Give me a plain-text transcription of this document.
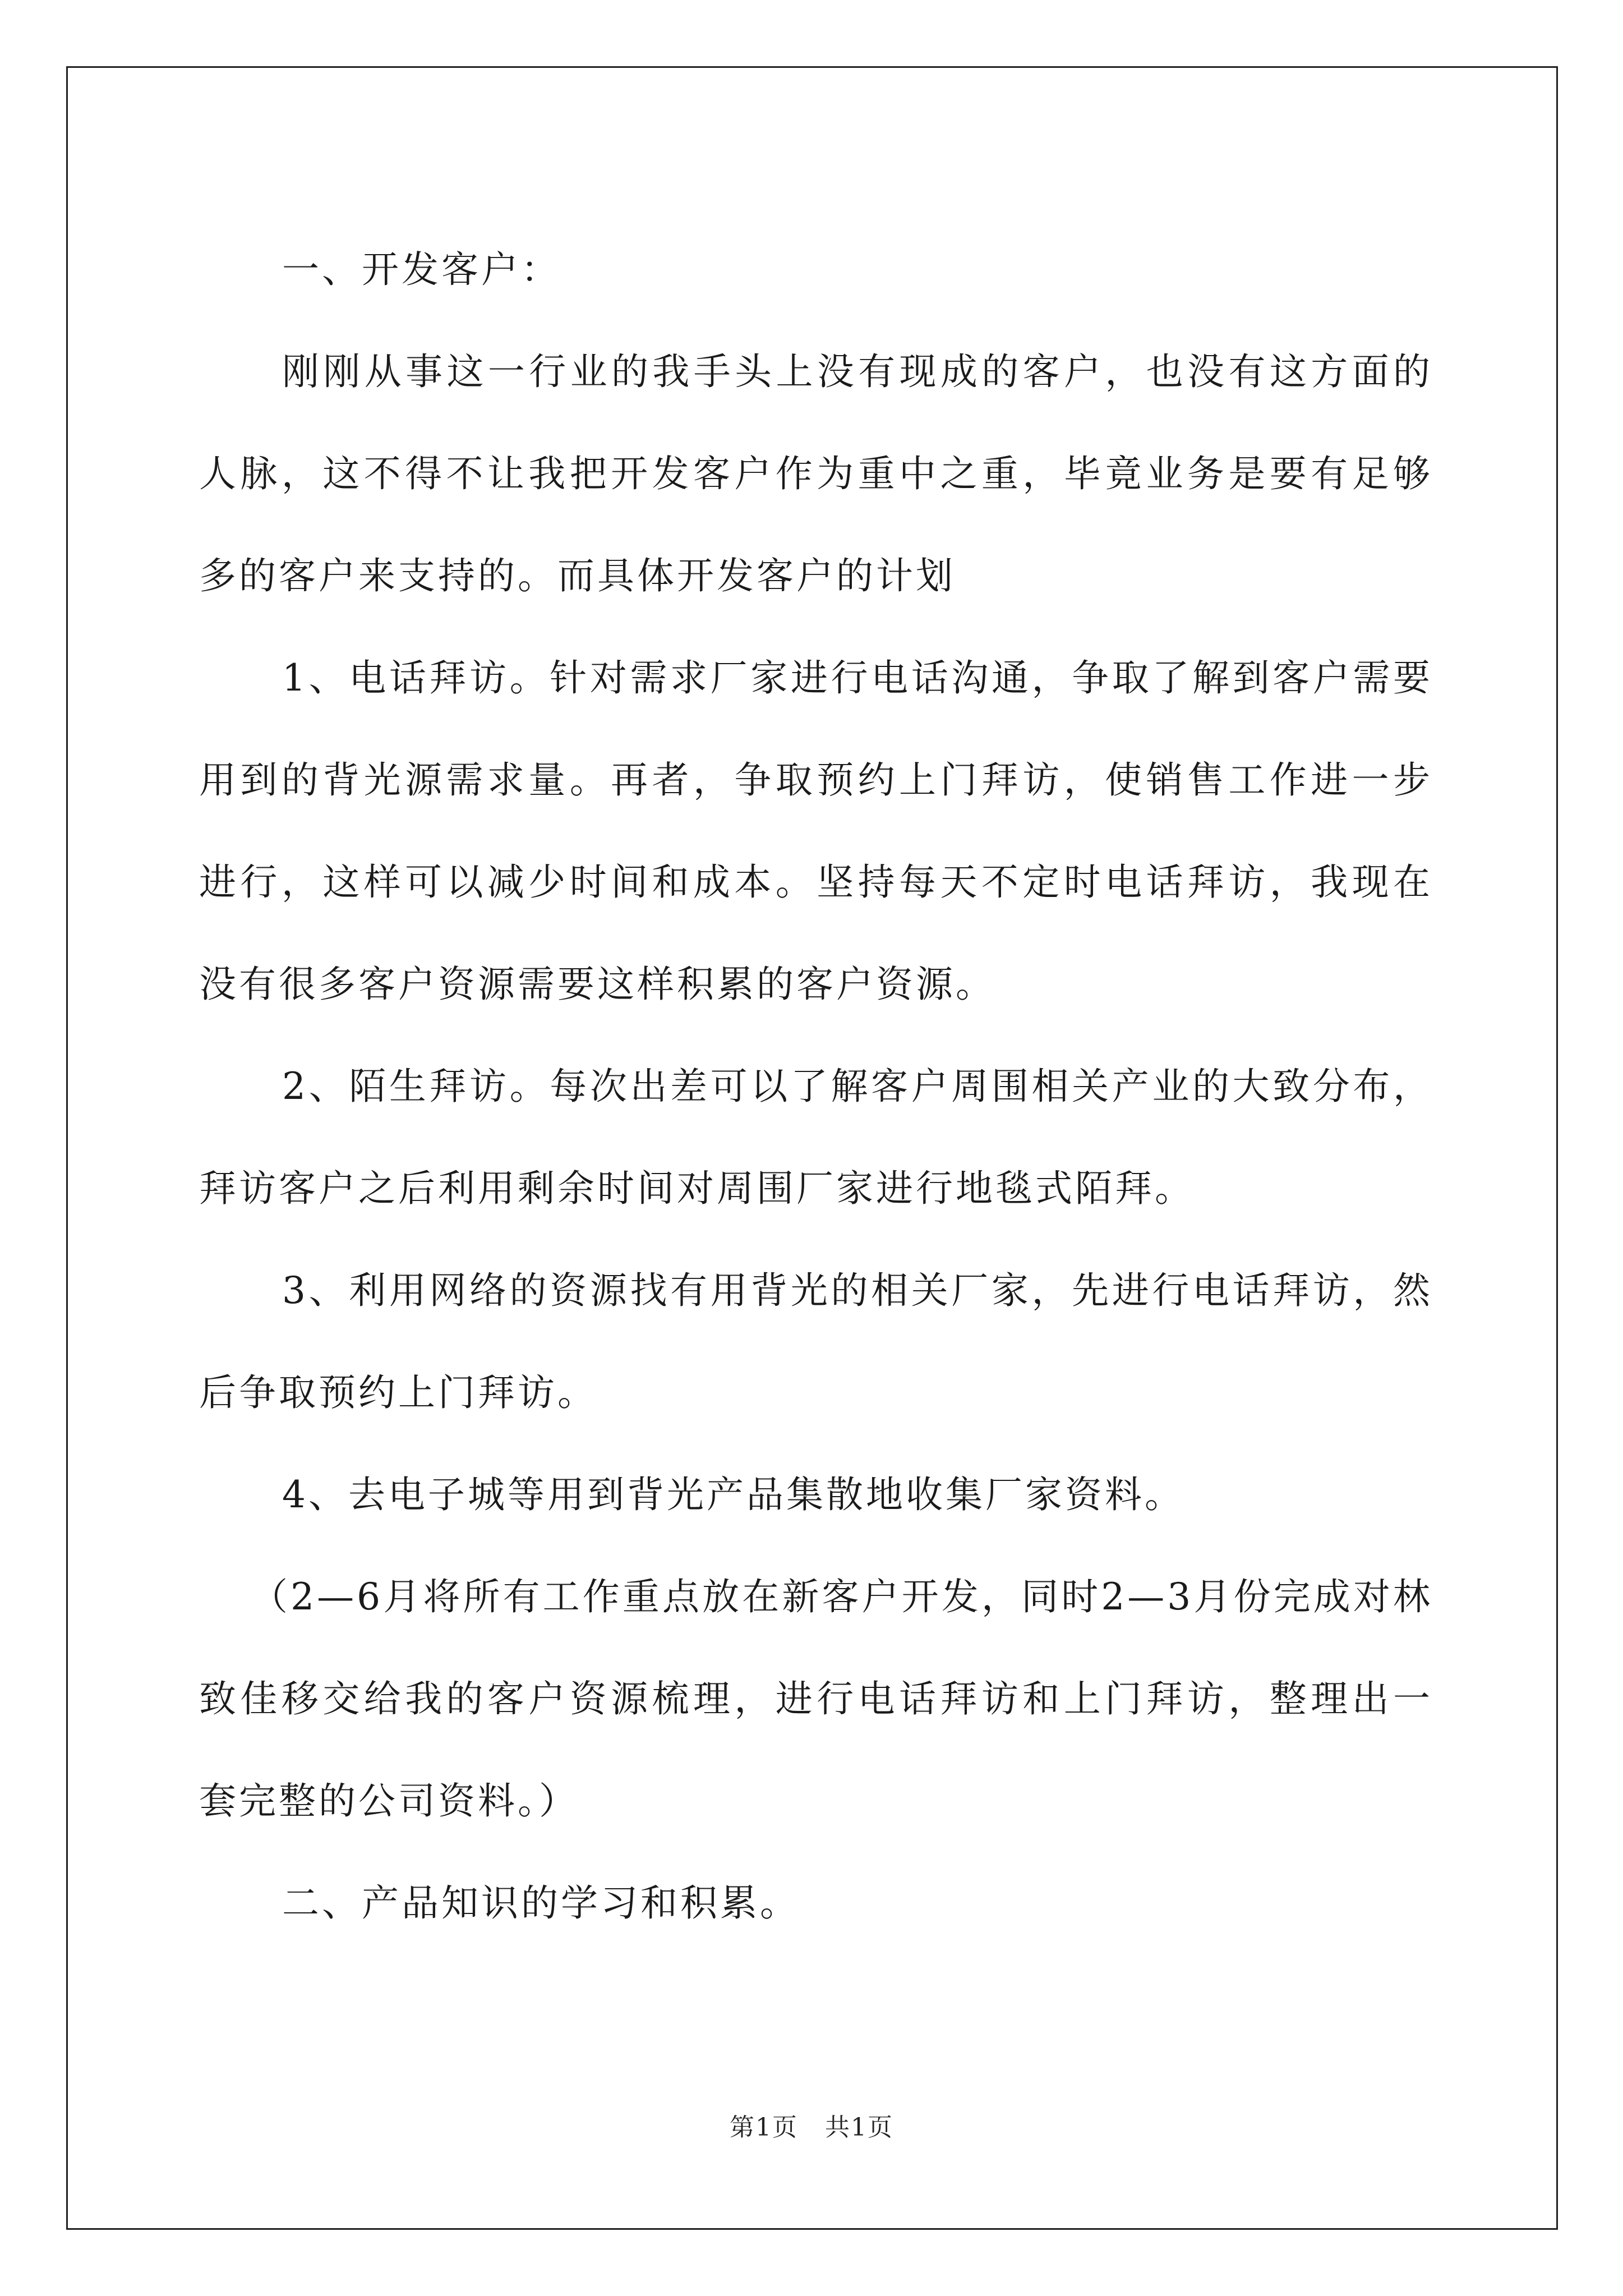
一、开发客户：

刚刚从事这一行业的我手头上没有现成的客户，也没有这方面的人脉，这不得不让我把开发客户作为重中之重，毕竟业务是要有足够多的客户来支持的。而具体开发客户的计划

1、电话拜访。针对需求厂家进行电话沟通，争取了解到客户需要用到的背光源需求量。再者，争取预约上门拜访，使销售工作进一步进行，这样可以减少时间和成本。坚持每天不定时电话拜访，我现在没有很多客户资源需要这样积累的客户资源。

2、陌生拜访。每次出差可以了解客户周围相关产业的大致分布，拜访客户之后利用剩余时间对周围厂家进行地毯式陌拜。

3、利用网络的资源找有用背光的相关厂家，先进行电话拜访，然后争取预约上门拜访。

4、去电子城等用到背光产品集散地收集厂家资料。

（2—6月将所有工作重点放在新客户开发，同时2—3月份完成对林致佳移交给我的客户资源梳理，进行电话拜访和上门拜访，整理出一套完整的公司资料。）

二、产品知识的学习和积累。

第1页 共1页
